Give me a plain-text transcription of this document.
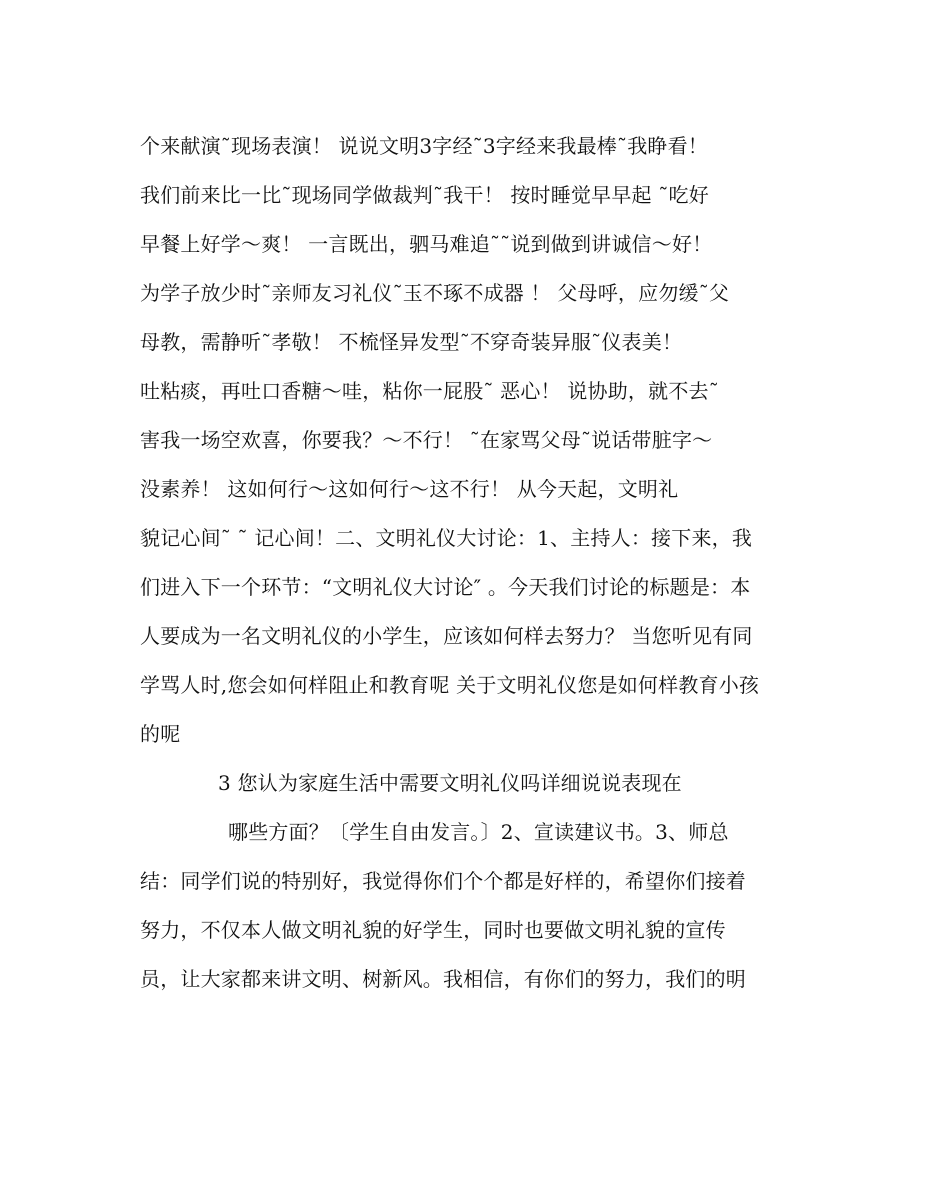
个来献演˜现场表演！ 说说文明3字经˜3字经来我最棒˜我睁看！
我们前来比一比˜现场同学做裁判˜我干！ 按时睡觉早早起 ˜吃好
早餐上好学～爽！ 一言既出，驷马难追˜˜说到做到讲诚信～好！
为学子放少时˜亲师友习礼仪˜玉不琢不成器 ！ 父母呼，应勿缓˜父
母教，需静听˜孝敬！ 不梳怪异发型˜不穿奇装异服˜仪表美！
吐粘痰，再吐口香糖～哇，粘你一屁股˜ 恶心！ 说协助，就不去˜
害我一场空欢喜，你要我？～不行！ ˜在家骂父母˜说话带脏字～
没素养！ 这如何行～这如何行～这不行！ 从今天起，文明礼
貌记心间˜ ˜ 记心间！二、文明礼仪大讨论：1、主持人：接下来，我
们进入下一个环节：“文明礼仪大讨论″ 。今天我们讨论的标题是：本
人要成为一名文明礼仪的小学生，应该如何样去努力？ 当您听见有同
学骂人时,您会如何样阻止和教育呢 关于文明礼仪您是如何样教育小孩
的呢
3 您认为家庭生活中需要文明礼仪吗详细说说表现在
哪些方面？〔学生自由发言。〕2、宣读建议书。3、师总
结：同学们说的特别好，我觉得你们个个都是好样的，希望你们接着
努力，不仅本人做文明礼貌的好学生，同时也要做文明礼貌的宣传
员，让大家都来讲文明、树新风。我相信，有你们的努力，我们的明
